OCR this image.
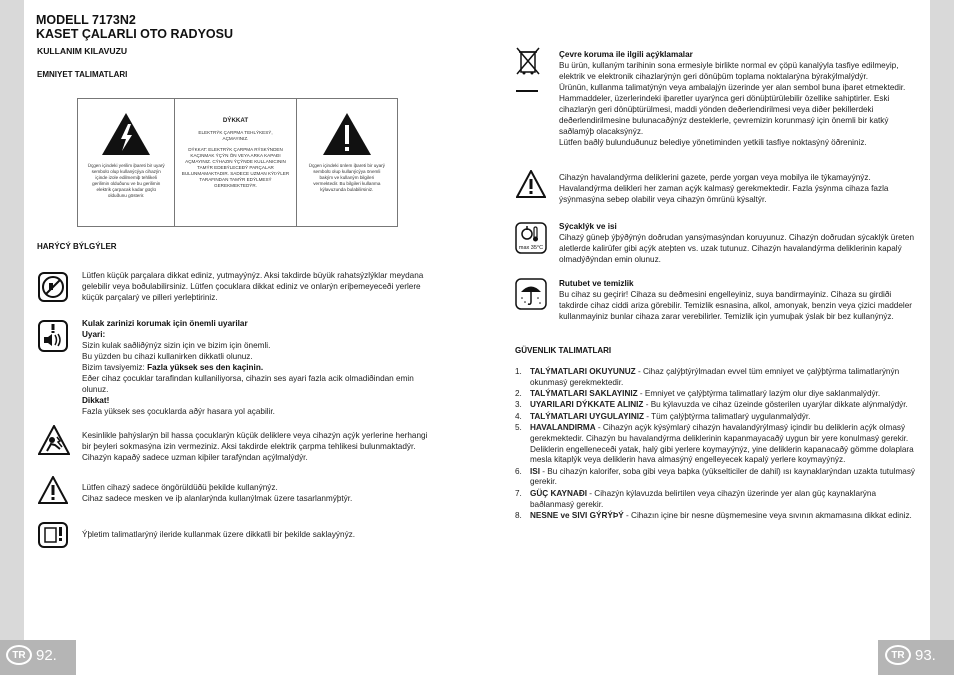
TR 92.	TR 93.
MODELL 7173N2
KASET ÇALARLI OTO RADYOSU
KULLANIM KILAVUZU
EMNIYET TALIMATLARI
Üçgen içindeki yerilim iþareti bir uyarý sembolü olup kullanýcýya cihazýn içinde izole edilmemiþ tehlikeli gerilimin olduðunu ve bu gerilimin elektrik çarpacak kadar güçlü olduðunu gösterir.
DÝKKAT
ELEKTRÝK ÇARPMA TEHLÝKESÝ, AÇMAYINIZ.
DÝKKAT: ELEKTRÝK ÇARPMA RÝSKÝNDEN KAÇINMAK ÝÇÝN ÖN VEYA ARKA KAPAÐI AÇMAYINIZ. CÝHAZIN ÝÇÝNDE KULLANICININ TAMÝR EDEBÝLECEÐÝ PARÇALAR BULUNMAMAKTADIR. SADECE UZMAN KÝÞÝLER TARAFINDAN TAMÝR EDÝLMESÝ GEREKMEKTEDÝR.
Üçgen içindeki ünlem iþareti bir uyarý sembolü olup kullanýcýya önemli bakým ve kullaným bilgileri vermektedir. Bu bilgileri kullanma kýlavuzunda bulabilirsiniz.
HARÝCÝ BÝLGÝLER
Lütfen küçük parçalara dikkat ediniz, yutmayýnýz. Aksi takdirde büyük rahatsýzlýklar meydana gelebilir veya boðulabilirsiniz. Lütfen çocuklara dikkat ediniz ve onlarýn eriþemeyeceði yerlere küçük parçalarý ve pilleri yerleþtiriniz.
Kulak zarinizi korumak için önemli uyarilar
Uyari:
Sizin kulak saðliðýnýz sizin için ve bizim için önemli.
Bu yüzden bu cihazi kullanirken dikkatli olunuz.
Bizim tavsiyemiz: Fazla yüksek ses den kaçinin.
Eðer cihaz çocuklar tarafindan kullaniliyorsa, cihazin ses ayari fazla acik olmadiðindan emin olunuz.
Dikkat!
Fazla yüksek ses çocuklarda aðýr hasara yol açabilir.
Kesinlikle þahýslarýn bil hassa çocuklarýn küçük deliklere veya cihazýn açýk yerlerine herhangi bir þeyleri sokmasýna izin vermeziniz. Aksi takdirde elektrik çarpma tehlikesi bulunmaktadýr. Cihazýn kapaðý sadece uzman kiþiler tarafýndan açýlmalýdýr.
Lütfen cihazý sadece öngörüldüðü þekilde kullanýnýz.
Cihaz sadece mesken ve iþ alanlarýnda kullanýlmak üzere tasarlanmýþtýr.
Ýþletim talimatlarýný ileride kullanmak üzere dikkatli bir þekilde saklayýnýz.
Çevre koruma ile ilgili açýklamalar
Bu ürün, kullaným tarihinin sona ermesiyle birlikte normal ev çöpü kanalýyla tasfiye edilmeyip, elektrik ve elektronik cihazlarýnýn geri dönüþüm toplama noktalarýna býrakýlmalýdýr.
Ürünün, kullanma talimatýnýn veya ambalajýn üzerinde yer alan sembol buna iþaret etmektedir. Hammaddeler, üzerlerindeki iþaretler uyarýnca geri dönüþtürülebilir özellike sahiptirler. Eski cihazlarýn geri dönüþtürülmesi, maddi yönden deðerlendirilmesi veya diðer þekillerdeki deðerlendirilmesine bulunacaðýnýz desteklerle, çevremizin korunmasý için önemli bir katký saðlamýþ olacaksýnýz.
Lütfen baðlý bulunduðunuz belediye yönetiminden yetkili tasfiye noktasýný öðreniniz.
Cihazýn havalandýrma deliklerini gazete, perde yorgan veya mobilya ile týkamayýnýz. Havalandýrma delikleri her zaman açýk kalmasý gerekmektedir. Fazla ýsýnma cihaza fazla ýsýnmasýna sebep olabilir veya cihazýn ömrünü kýsaltýr.
max 35°C
Sýcaklýk ve isi
Cihazý güneþ ýþýðýnýn doðrudan yansýmasýndan koruyunuz. Cihazýn doðrudan sýcaklýk üreten aletlerde kalirüfer gibi açýk ateþten vs. uzak tutunuz. Cihazýn havalandýrma deliklerinin kapalý olmadýðýndan emin olunuz.
Rutubet ve temizlik
Bu cihaz su geçirir! Cihaza su deðmesini engelleyiniz, suya bandirmayiniz. Cihaza su girdiði takdirde cihaz ciddi ariza görebilir. Temizlik esnasina, alkol, amonyak, benzin veya çizici maddeler kullanmayiniz bunlar cihaza zarar verebilirler. Temizlik için yumuþak ýslak bir bez kullanýnýz.
GÜVENLIK TALIMATLARI
1. TALÝMATLARI OKUYUNUZ - Cihaz çalýþtýrýlmadan evvel tüm emniyet ve çalýþtýrma talimatlarýnýn okunmasý gerekmektedir.
2. TALÝMATLARI SAKLAYINIZ - Emniyet ve çalýþtýrma talimatlarý lazým olur diye saklanmalýdýr.
3. UYARILARI DÝKKATE ALINIZ - Bu kýlavuzda ve cihaz üzeinde gösterilen uyarýlar dikkate alýnmalýdýr.
4. TALÝMATLARI UYGULAYINIZ - Tüm çalýþtýrma talimatlarý uygulanmalýdýr.
5. HAVALANDIRMA - Cihazýn açýk kýsýmlarý cihazýn havalandýrýlmasý içindir bu deliklerin açýk olmasý gerekmektedir. Cihazýn bu havalandýrma deliklerinin kapanmayacaðý uygun bir yere konulmasý gerekir. Deliklerin engelleneceði yatak, halý gibi yerlere koymayýnýz, yine deliklerin kapanacaðý gömme dolaplara mesla kitaplýk veya deliklerin hava almasýný engelleyecek kapalý yerlere koymayýnýz.
6. ISI - Bu cihazýn kalorifer, soba gibi veya baþka (yükselticiler de dahil) ısı kaynaklarýndan uzakta tutulmasý gerekir.
7. GÜÇ KAYNAÐI - Cihazýn kýlavuzda belirtilen veya cihazýn üzerinde yer alan güç kaynaklarýna baðlanmasý gerekir.
8. NESNE ve SIVI GÝRÝÞÝ - Cihazın içine bir nesne düşmemesine veya sıvının akmamasına dikkat ediniz.
